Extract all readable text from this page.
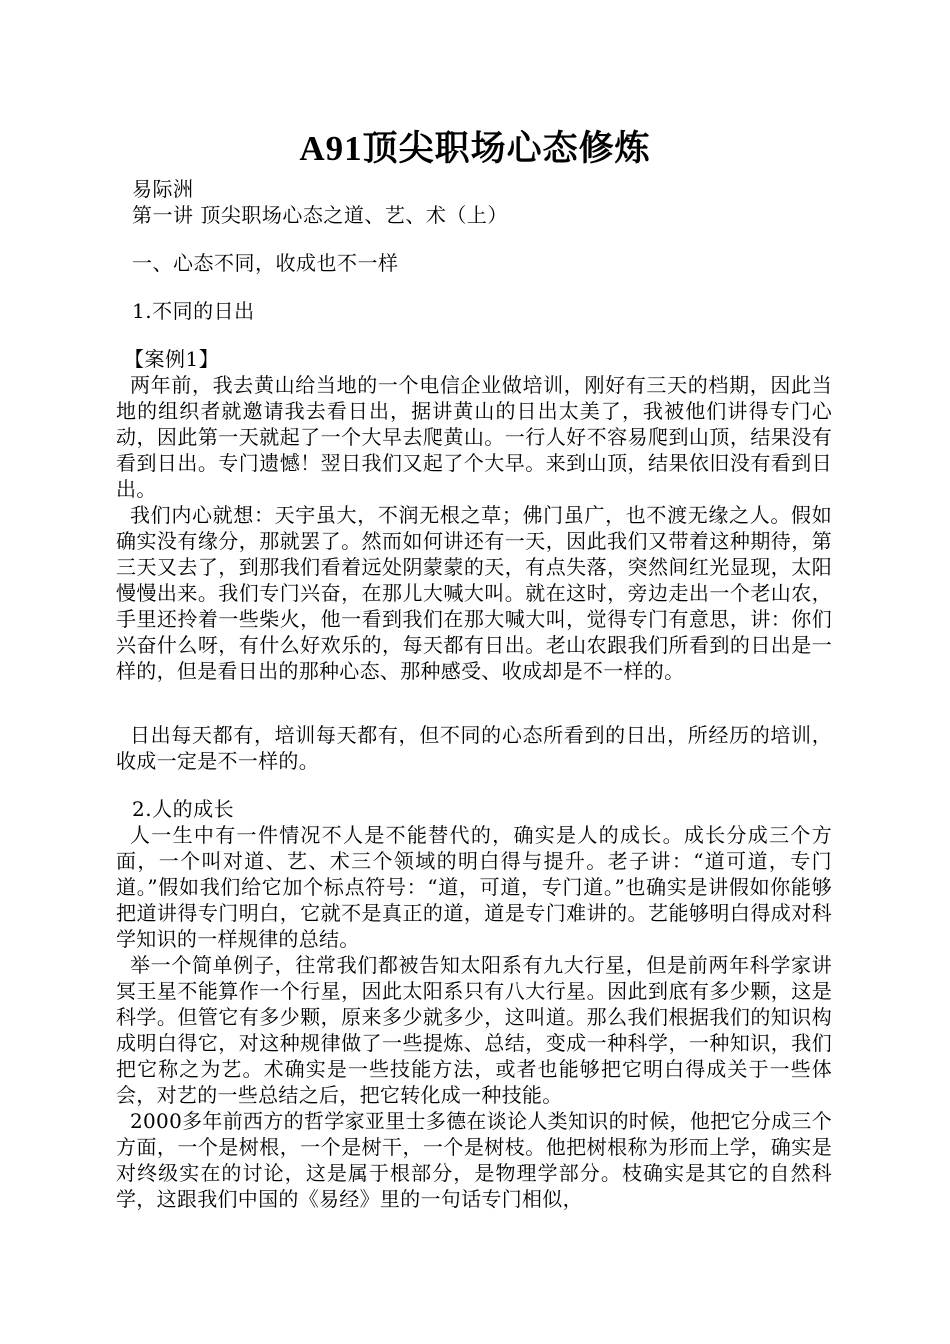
A91顶尖职场心态修炼
易际洲
第一讲 顶尖职场心态之道、艺、术（上）
一、心态不同，收成也不一样
1.不同的日出
【案例1】

两年前，我去黄山给当地的一个电信企业做培训，刚好有三天的档期，因此当地的组织者就邀请我去看日出，据讲黄山的日出太美了，我被他们讲得专门心动，因此第一天就起了一个大早去爬黄山。一行人好不容易爬到山顶，结果没有看到日出。专门遗憾！翌日我们又起了个大早。来到山顶，结果依旧没有看到日出。

我们内心就想：天宇虽大，不润无根之草；佛门虽广，也不渡无缘之人。假如确实没有缘分，那就罢了。然而如何讲还有一天，因此我们又带着这种期待，第三天又去了，到那我们看着远处阴蒙蒙的天，有点失落，突然间红光显现，太阳慢慢出来。我们专门兴奋，在那儿大喊大叫。就在这时，旁边走出一个老山农，手里还拎着一些柴火，他一看到我们在那大喊大叫，觉得专门有意思，讲：你们兴奋什么呀，有什么好欢乐的，每天都有日出。老山农跟我们所看到的日出是一样的，但是看日出的那种心态、那种感受、收成却是不一样的。

日出每天都有，培训每天都有，但不同的心态所看到的日出，所经历的培训，收成一定是不一样的。

2.人的成长

人一生中有一件情况不人是不能替代的，确实是人的成长。成长分成三个方面，一个叫对道、艺、术三个领域的明白得与提升。老子讲：“道可道，专门道。”假如我们给它加个标点符号：“道，可道，专门道。”也确实是讲假如你能够把道讲得专门明白，它就不是真正的道，道是专门难讲的。艺能够明白得成对科学知识的一样规律的总结。

举一个简单例子，往常我们都被告知太阳系有九大行星，但是前两年科学家讲冥王星不能算作一个行星，因此太阳系只有八大行星。因此到底有多少颗，这是科学。但管它有多少颗，原来多少就多少，这叫道。那么我们根据我们的知识构成明白得它，对这种规律做了一些提炼、总结，变成一种科学，一种知识，我们把它称之为艺。术确实是一些技能方法，或者也能够把它明白得成关于一些体会，对艺的一些总结之后，把它转化成一种技能。

2000多年前西方的哲学家亚里士多德在谈论人类知识的时候，他把它分成三个方面，一个是树根，一个是树干，一个是树枝。他把树根称为形而上学，确实是对终级实在的讨论，这是属于根部分，是物理学部分。枝确实是其它的自然科学，这跟我们中国的《易经》里的一句话专门相似，
